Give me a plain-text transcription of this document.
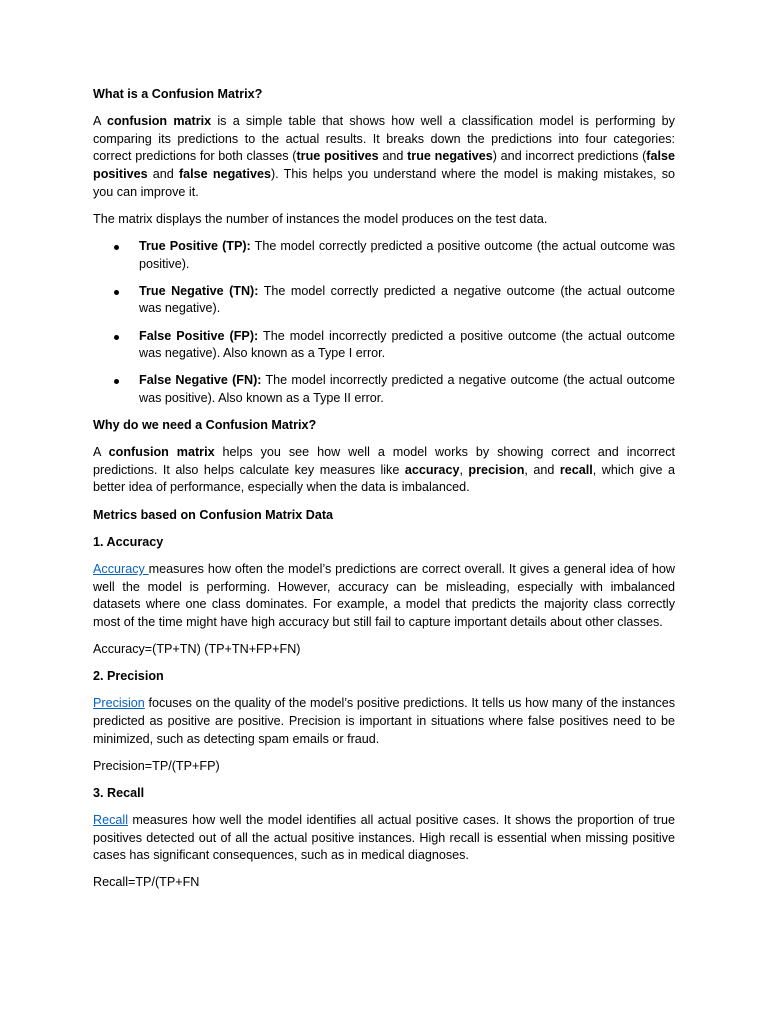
What is a Confusion Matrix?

A confusion matrix is a simple table that shows how well a classification model is performing by comparing its predictions to the actual results. It breaks down the predictions into four categories: correct predictions for both classes (true positives and true negatives) and incorrect predictions (false positives and false negatives). This helps you understand where the model is making mistakes, so you can improve it.

The matrix displays the number of instances the model produces on the test data.

True Positive (TP): The model correctly predicted a positive outcome (the actual outcome was positive).
True Negative (TN): The model correctly predicted a negative outcome (the actual outcome was negative).
False Positive (FP): The model incorrectly predicted a positive outcome (the actual outcome was negative). Also known as a Type I error.
False Negative (FN): The model incorrectly predicted a negative outcome (the actual outcome was positive). Also known as a Type II error.

Why do we need a Confusion Matrix?

A confusion matrix helps you see how well a model works by showing correct and incorrect predictions. It also helps calculate key measures like accuracy, precision, and recall, which give a better idea of performance, especially when the data is imbalanced.

Metrics based on Confusion Matrix Data

1. Accuracy

Accuracy measures how often the model’s predictions are correct overall. It gives a general idea of how well the model is performing. However, accuracy can be misleading, especially with imbalanced datasets where one class dominates. For example, a model that predicts the majority class correctly most of the time might have high accuracy but still fail to capture important details about other classes.

Accuracy=(TP+TN) (TP+TN+FP+FN)

2. Precision

Precision focuses on the quality of the model’s positive predictions. It tells us how many of the instances predicted as positive are positive. Precision is important in situations where false positives need to be minimized, such as detecting spam emails or fraud.

Precision=TP/(TP+FP)

3. Recall

Recall measures how well the model identifies all actual positive cases. It shows the proportion of true positives detected out of all the actual positive instances. High recall is essential when missing positive cases has significant consequences, such as in medical diagnoses.

Recall=TP/(TP+FN
